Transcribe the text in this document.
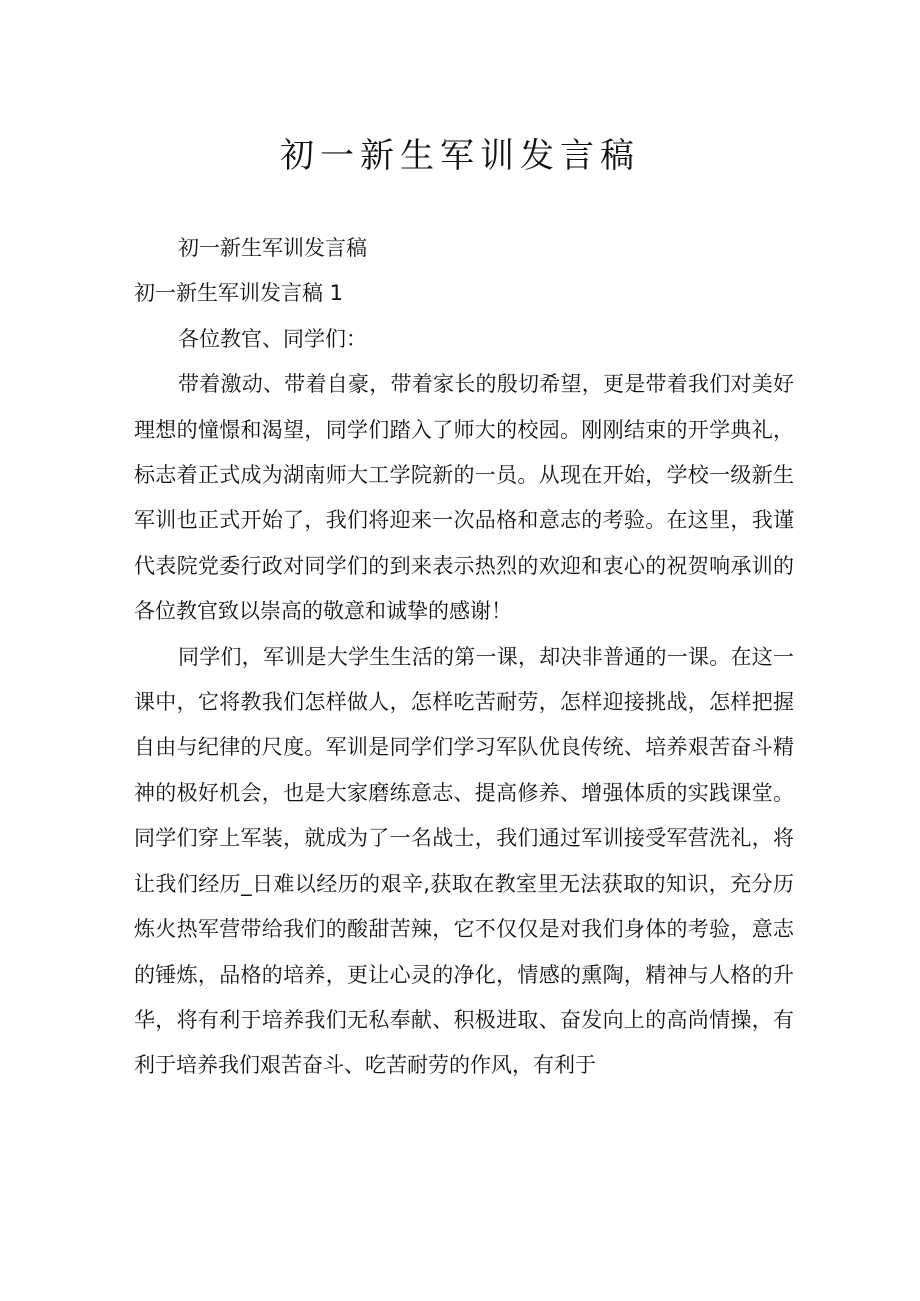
初一新生军训发言稿

初一新生军训发言稿

初一新生军训发言稿 1

各位教官、同学们：

带着激动、带着自豪，带着家长的殷切希望，更是带着我们对美好理想的憧憬和渴望，同学们踏入了师大的校园。刚刚结束的开学典礼，标志着正式成为湖南师大工学院新的一员。从现在开始，学校一级新生军训也正式开始了，我们将迎来一次品格和意志的考验。在这里，我谨代表院党委行政对同学们的到来表示热烈的欢迎和衷心的祝贺响承训的各位教官致以崇高的敬意和诚挚的感谢！

同学们，军训是大学生生活的第一课，却决非普通的一课。在这一课中，它将教我们怎样做人，怎样吃苦耐劳，怎样迎接挑战，怎样把握自由与纪律的尺度。军训是同学们学习军队优良传统、培养艰苦奋斗精神的极好机会，也是大家磨练意志、提高修养、增强体质的实践课堂。同学们穿上军装，就成为了一名战士，我们通过军训接受军营洗礼，将让我们经历_日难以经历的艰辛,获取在教室里无法获取的知识，充分历炼火热军营带给我们的酸甜苦辣，它不仅仅是对我们身体的考验，意志的锤炼，品格的培养，更让心灵的净化，情感的熏陶，精神与人格的升华，将有利于培养我们无私奉献、积极进取、奋发向上的高尚情操，有利于培养我们艰苦奋斗、吃苦耐劳的作风，有利于
